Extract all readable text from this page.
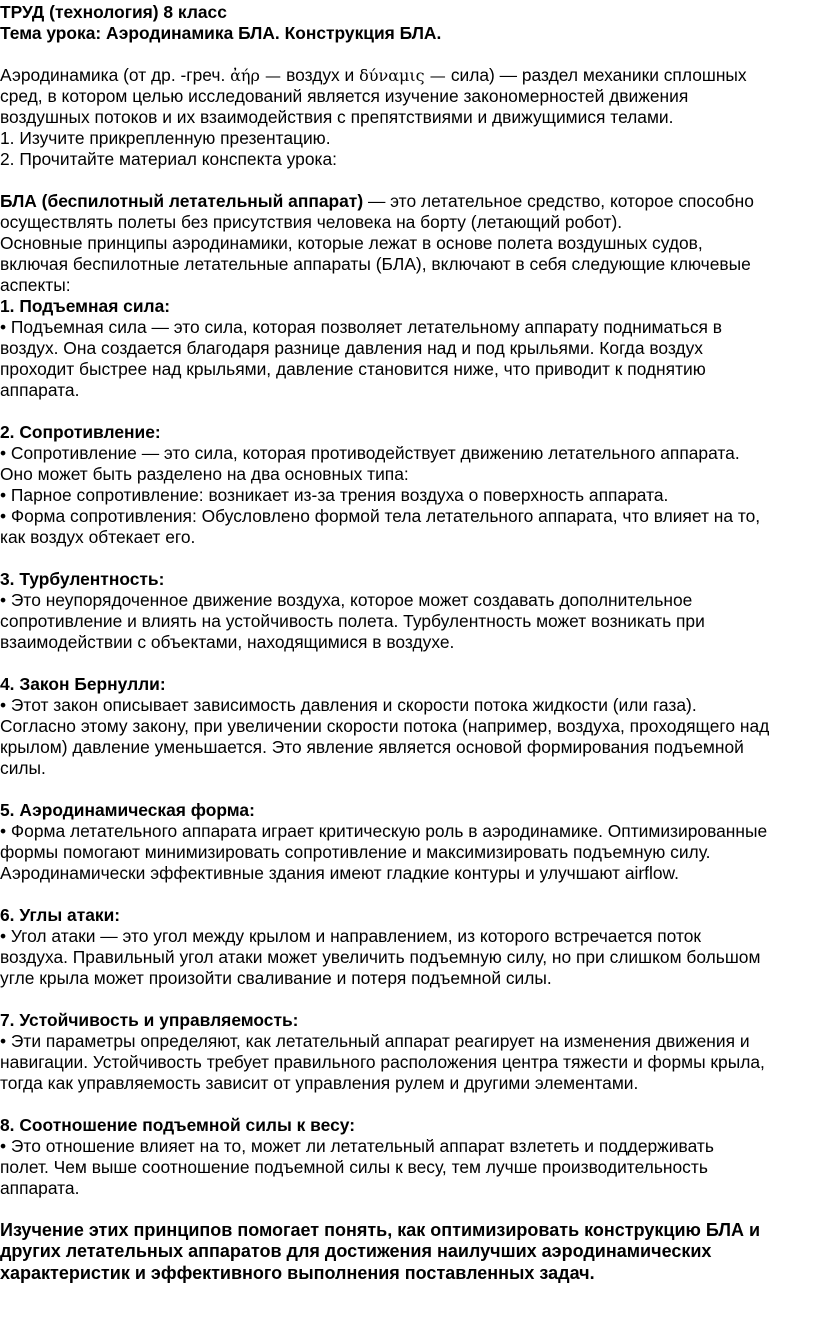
ТРУД (технология) 8 класс
Тема урока: Аэродинамика БЛА. Конструкция БЛА.
Аэродинамика (от др. -греч. ἀήρ — воздух и δύναμις — сила) — раздел механики сплошных
сред, в котором целью исследований является изучение закономерностей движения
воздушных потоков и их взаимодействия с препятствиями и движущимися телами.
1. Изучите прикрепленную презентацию.
2. Прочитайте материал конспекта урока:
БЛА (беспилотный летательный аппарат) — это летательное средство, которое способно
осуществлять полеты без присутствия человека на борту (летающий робот).
Основные принципы аэродинамики, которые лежат в основе полета воздушных судов,
включая беспилотные летательные аппараты (БЛА), включают в себя следующие ключевые
аспекты:
1. Подъемная сила:
• Подъемная сила — это сила, которая позволяет летательному аппарату подниматься в
воздух. Она создается благодаря разнице давления над и под крыльями. Когда воздух
проходит быстрее над крыльями, давление становится ниже, что приводит к поднятию
аппарата.
2. Сопротивление:
• Сопротивление — это сила, которая противодействует движению летательного аппарата.
Оно может быть разделено на два основных типа:
• Парное сопротивление: возникает из-за трения воздуха о поверхность аппарата.
• Форма сопротивления: Обусловлено формой тела летательного аппарата, что влияет на то,
как воздух обтекает его.
3. Турбулентность:
• Это неупорядоченное движение воздуха, которое может создавать дополнительное
сопротивление и влиять на устойчивость полета. Турбулентность может возникать при
взаимодействии с объектами, находящимися в воздухе.
4. Закон Бернулли:
• Этот закон описывает зависимость давления и скорости потока жидкости (или газа).
Согласно этому закону, при увеличении скорости потока (например, воздуха, проходящего над
крылом) давление уменьшается. Это явление является основой формирования подъемной
силы.
5. Аэродинамическая форма:
• Форма летательного аппарата играет критическую роль в аэродинамике. Оптимизированные
формы помогают минимизировать сопротивление и максимизировать подъемную силу.
Аэродинамически эффективные здания имеют гладкие контуры и улучшают airflow.
6. Углы атаки:
• Угол атаки — это угол между крылом и направлением, из которого встречается поток
воздуха. Правильный угол атаки может увеличить подъемную силу, но при слишком большом
угле крыла может произойти сваливание и потеря подъемной силы.
7. Устойчивость и управляемость:
• Эти параметры определяют, как летательный аппарат реагирует на изменения движения и
навигации. Устойчивость требует правильного расположения центра тяжести и формы крыла,
тогда как управляемость зависит от управления рулем и другими элементами.
8. Соотношение подъемной силы к весу:
• Это отношение влияет на то, может ли летательный аппарат взлететь и поддерживать
полет. Чем выше соотношение подъемной силы к весу, тем лучше производительность
аппарата.
Изучение этих принципов помогает понять, как оптимизировать конструкцию БЛА и
других летательных аппаратов для достижения наилучших аэродинамических
характеристик и эффективного выполнения поставленных задач.
